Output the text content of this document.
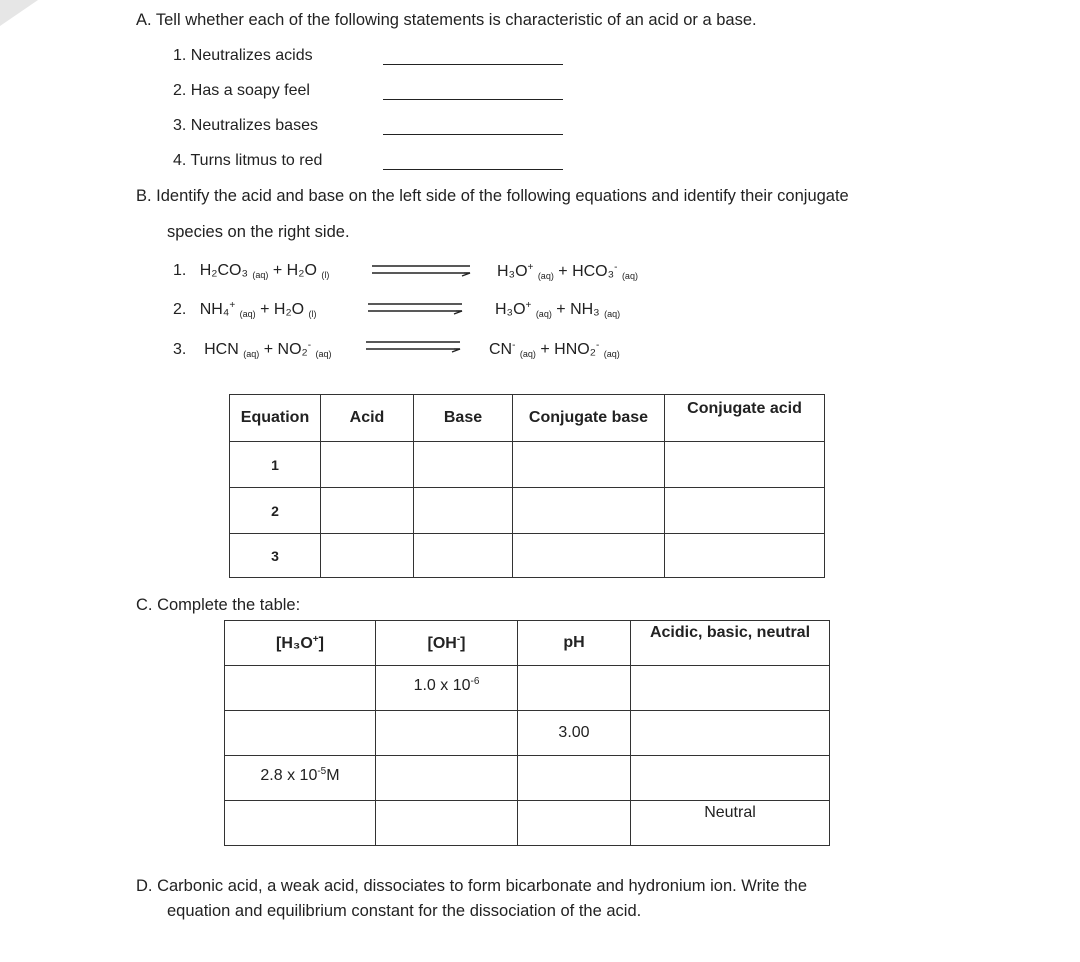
A. Tell whether each of the following statements is characteristic of an acid or a base.
1. Neutralizes acids
2. Has a soapy feel
3. Neutralizes bases
4. Turns litmus to red
B. Identify the acid and base on the left side of the following equations and identify their conjugate
species on the right side.
1. H₂CO₃ (aq) + H₂O (l)	H₃O+ (aq) + HCO₃- (aq)
2. NH₄+ (aq) + H₂O (l)	H₃O+ (aq) + NH₃ (aq)
3. HCN (aq) + NO₂- (aq)	CN- (aq) + HNO₂- (aq)
Equation	Acid	Base	Conjugate base	Conjugate acid
1				
2				
3				
C. Complete the table:
[H₃O+]	[OH-]	pH	Acidic, basic, neutral
	1.0 x $10^{-6}$		
		3.00	
2.8 x $10^{-5}M$			
			Neutral
D. Carbonic acid, a weak acid, dissociates to form bicarbonate and hydronium ion. Write the
equation and equilibrium constant for the dissociation of the acid.
